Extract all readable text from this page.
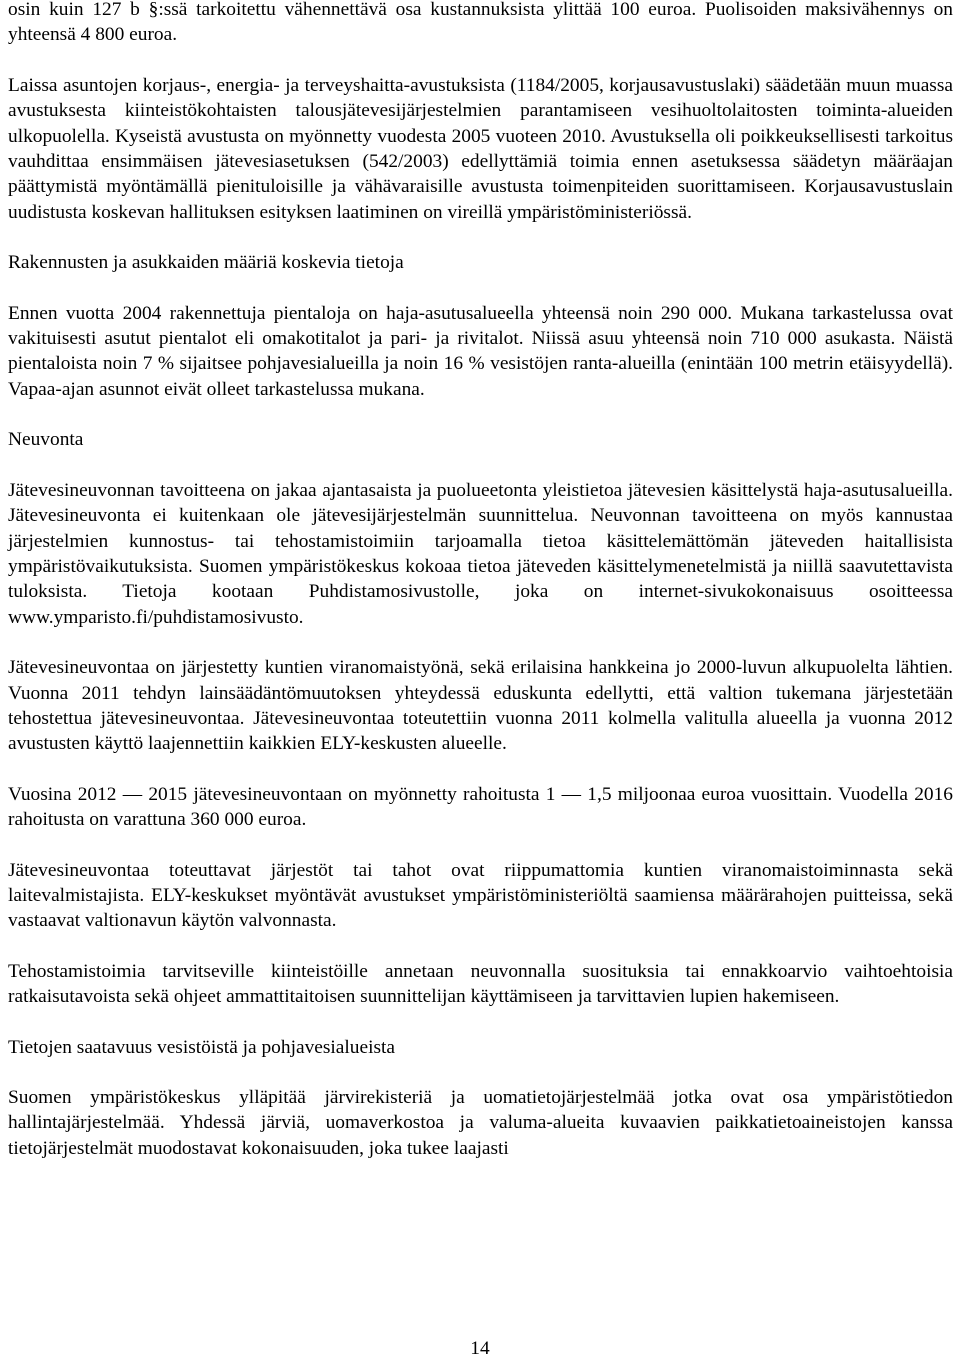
osin kuin 127 b §:ssä tarkoitettu vähennettävä osa kustannuksista ylittää 100 euroa. Puolisoiden maksivähennys on yhteensä 4 800 euroa.

Laissa asuntojen korjaus-, energia- ja terveyshaitta-avustuksista (1184/2005, korjausavustuslaki) säädetään muun muassa avustuksesta kiinteistökohtaisten talousjätevesijärjestelmien parantamiseen vesihuoltolaitosten toiminta-alueiden ulkopuolella. Kyseistä avustusta on myönnetty vuodesta 2005 vuoteen 2010. Avustuksella oli poikkeuksellisesti tarkoitus vauhdittaa ensimmäisen jätevesiasetuksen (542/2003) edellyttämiä toimia ennen asetuksessa säädetyn määräajan päättymistä myöntämällä pienituloisille ja vähävaraisille avustusta toimenpiteiden suorittamiseen. Korjausavustuslain uudistusta koskevan hallituksen esityksen laatiminen on vireillä ympäristöministeriössä.

Rakennusten ja asukkaiden määriä koskevia tietoja

Ennen vuotta 2004 rakennettuja pientaloja on haja-asutusalueella yhteensä noin 290 000. Mukana tarkastelussa ovat vakituisesti asutut pientalot eli omakotitalot ja pari- ja rivitalot. Niissä asuu yhteensä noin 710 000 asukasta. Näistä pientaloista noin 7 % sijaitsee pohjavesialueilla ja noin 16 % vesistöjen ranta-alueilla (enintään 100 metrin etäisyydellä). Vapaa-ajan asunnot eivät olleet tarkastelussa mukana.

Neuvonta

Jätevesineuvonnan tavoitteena on jakaa ajantasaista ja puolueetonta yleistietoa jätevesien käsittelystä haja-asutusalueilla. Jätevesineuvonta ei kuitenkaan ole jätevesijärjestelmän suunnittelua. Neuvonnan tavoitteena on myös kannustaa järjestelmien kunnostus- tai tehostamistoimiin tarjoamalla tietoa käsittelemättömän jäteveden haitallisista ympäristövaikutuksista. Suomen ympäristökeskus kokoaa tietoa jäteveden käsittelymenetelmistä ja niillä saavutettavista tuloksista. Tietoja kootaan Puhdistamosivustolle, joka on internet-sivukokonaisuus osoitteessa www.ymparisto.fi/puhdistamosivusto.

Jätevesineuvontaa on järjestetty kuntien viranomaistyönä, sekä erilaisina hankkeina jo 2000-luvun alkupuolelta lähtien. Vuonna 2011 tehdyn lainsäädäntömuutoksen yhteydessä eduskunta edellytti, että valtion tukemana järjestetään tehostettua jätevesineuvontaa. Jätevesineuvontaa toteutettiin vuonna 2011 kolmella valitulla alueella ja vuonna 2012 avustusten käyttö laajennettiin kaikkien ELY-keskusten alueelle.

Vuosina 2012 — 2015 jätevesineuvontaan on myönnetty rahoitusta 1 — 1,5 miljoonaa euroa vuosittain. Vuodella 2016 rahoitusta on varattuna 360 000 euroa.

Jätevesineuvontaa toteuttavat järjestöt tai tahot ovat riippumattomia kuntien viranomaistoiminnasta sekä laitevalmistajista. ELY-keskukset myöntävät avustukset ympäristöministeriöltä saamiensa määrärahojen puitteissa, sekä vastaavat valtionavun käytön valvonnasta.

Tehostamistoimia tarvitseville kiinteistöille annetaan neuvonnalla suosituksia tai ennakkoarvio vaihtoehtoisia ratkaisutavoista sekä ohjeet ammattitaitoisen suunnittelijan käyttämiseen ja tarvittavien lupien hakemiseen.

Tietojen saatavuus vesistöistä ja pohjavesialueista

Suomen ympäristökeskus ylläpitää järvirekisteriä ja uomatietojärjestelmää jotka ovat osa ympäristötiedon hallintajärjestelmää. Yhdessä järviä, uomaverkostoa ja valuma-alueita kuvaavien paikkatietoaineistojen kanssa tietojärjestelmät muodostavat kokonaisuuden, joka tukee laajasti

14
